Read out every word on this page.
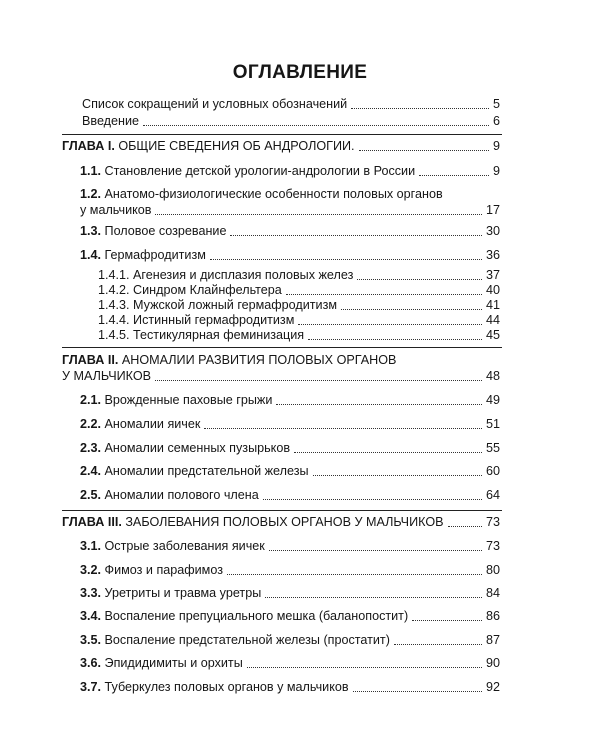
ОГЛАВЛЕНИЕ
Список сокращений и условных обозначений	5
Введение	6
ГЛАВА I. ОБЩИЕ СВЕДЕНИЯ ОБ АНДРОЛОГИИ.	9
1.1. Становление детской урологии-андрологии в России	9
1.2. Анатомо-физиологические особенности половых органов
у мальчиков	17
1.3. Половое созревание	30
1.4. Гермафродитизм	36
1.4.1. Агенезия и дисплазия половых желез	37
1.4.2. Синдром Клайнфельтера	40
1.4.3. Мужской ложный гермафродитизм	41
1.4.4. Истинный гермафродитизм	44
1.4.5. Тестикулярная феминизация	45
ГЛАВА II. АНОМАЛИИ РАЗВИТИЯ ПОЛОВЫХ ОРГАНОВ
У МАЛЬЧИКОВ	48
2.1. Врожденные паховые грыжи	49
2.2. Аномалии яичек	51
2.3. Аномалии семенных пузырьков	55
2.4. Аномалии предстательной железы	60
2.5. Аномалии полового члена	64
ГЛАВА III. ЗАБОЛЕВАНИЯ ПОЛОВЫХ ОРГАНОВ У МАЛЬЧИКОВ	73
3.1. Острые заболевания яичек	73
3.2. Фимоз и парафимоз	80
3.3. Уретриты и травма уретры	84
3.4. Воспаление препуциального мешка (баланопостит)	86
3.5. Воспаление предстательной железы (простатит)	87
3.6. Эпидидимиты и орхиты	90
3.7. Туберкулез половых органов у мальчиков	92
